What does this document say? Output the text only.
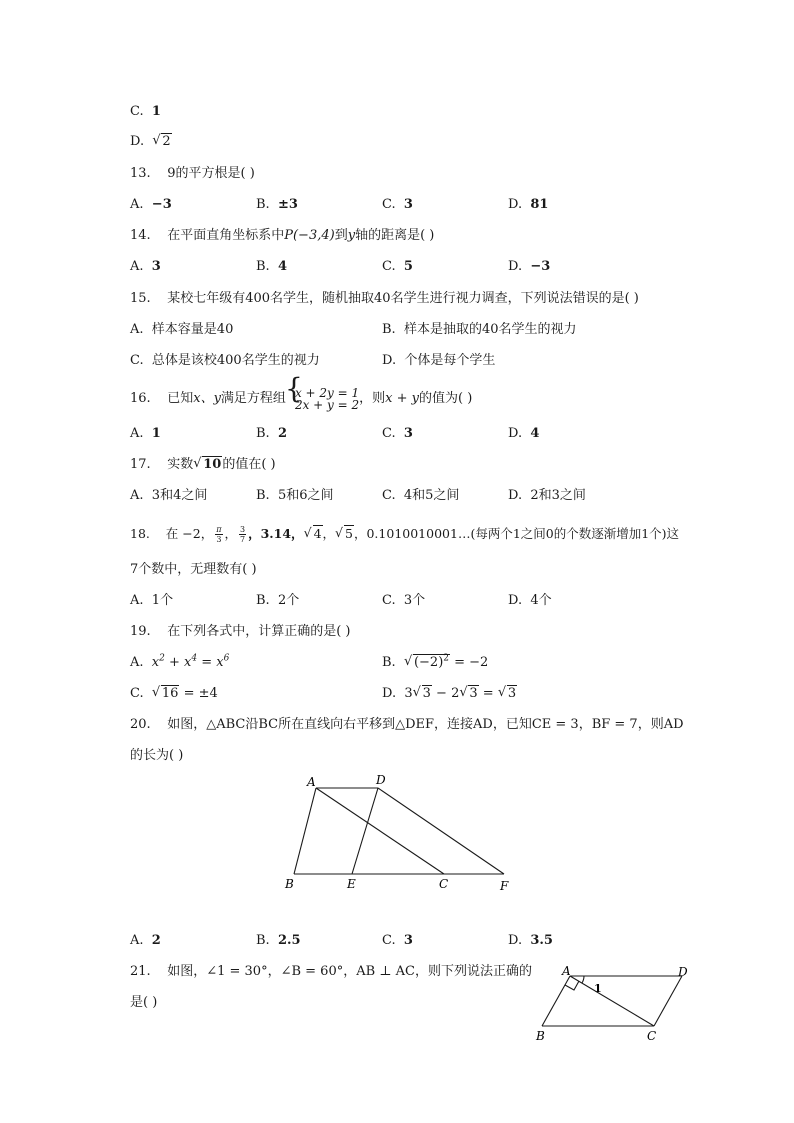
C. 1
D. √ 2
13. 9的平方根是( )
A. −3	B. ±3	C. 3	D. 81
14. 在平面直角坐标系中P(−3,4)到y轴的距离是( )
A. 3	B. 4	C. 5	D. −3
15. 某校七年级有400名学生，随机抽取40名学生进行视力调查，下列说法错误的是( )
A. 样本容量是40	B. 样本是抽取的40名学生的视力
C. 总体是该校400名学生的视力	D. 个体是每个学生
16. 已知x、y满足方程组 { x + 2y = 1
2x + y = 2 ，则x + y的值为( )
A. 1	B. 2	C. 3	D. 4
17. 实数 √ 10的值在( )
A. 3和4之间	B. 5和6之间	C. 4和5之间	D. 2和3之间
18. 在 −2， $\frac{\pi}{3}$ ， $\frac{3}{7}$ ，3.14， √ 4， √ 5，0.1010010001…(每两个1之间0的个数逐渐增加1个)这
7个数中，无理数有( )
A. 1个	B. 2个	C. 3个	D. 4个
19. 在下列各式中，计算正确的是( )
A. $x^2 + x^4 = x^6$	B. √ $(-2)^2 = -2$
C. √ 16 = ±4	D.  3 √ 3 − 2 √ 3 = √ 3
20. 如图，△ABC沿BC所在直线向右平移到△DEF，连接AD，已知CE = 3，BF = 7，则AD
的长为( )
A	D
B	E	C	F
A. 2	B. 2.5	C. 3	D. 3.5
21. 如图，∠1 = 30°，∠B = 60°，AB ⊥ AC，则下列说法正确的
是( )
A	D
B	C
1
